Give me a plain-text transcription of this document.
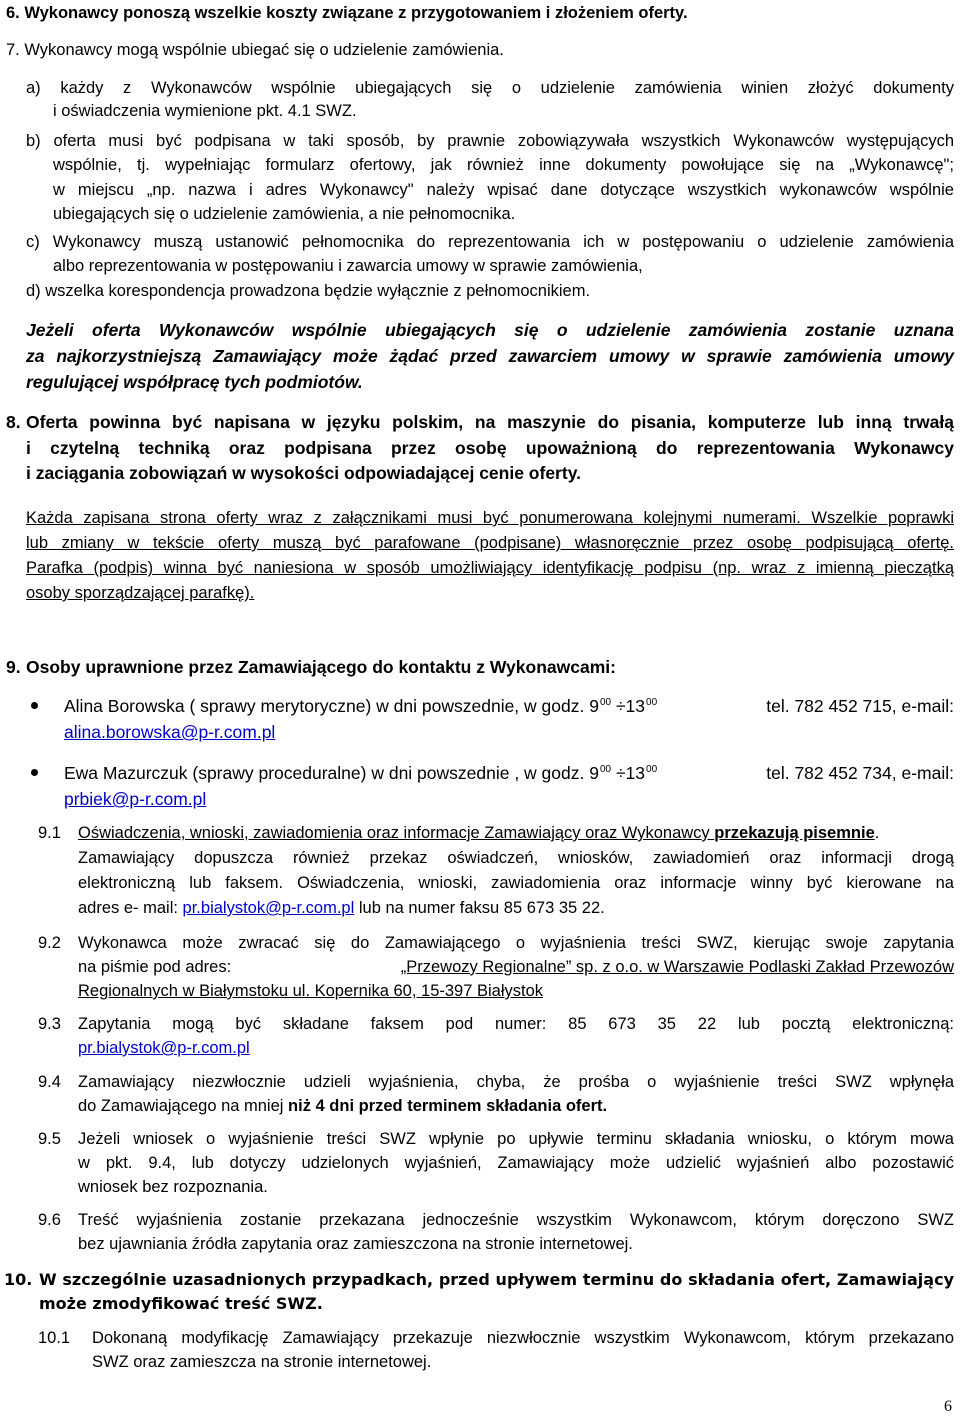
6. Wykonawcy ponoszą wszelkie koszty związane z przygotowaniem i złożeniem oferty.
7. Wykonawcy mogą wspólnie ubiegać się o udzielenie zamówienia.
a) każdy z Wykonawców wspólnie ubiegających się o udzielenie zamówienia winien złożyć dokumenty
i oświadczenia wymienione pkt. 4.1 SWZ.
b) oferta musi być podpisana w taki sposób, by prawnie zobowiązywała wszystkich Wykonawców występujących
wspólnie, tj. wypełniając formularz ofertowy, jak również inne dokumenty powołujące się na „Wykonawcę";
w miejscu „np. nazwa i adres Wykonawcy" należy wpisać dane dotyczące wszystkich wykonawców wspólnie
ubiegających się o udzielenie zamówienia, a nie pełnomocnika.
c) Wykonawcy muszą ustanowić pełnomocnika do reprezentowania ich w postępowaniu o udzielenie zamówienia
albo reprezentowania w postępowaniu i zawarcia umowy w sprawie zamówienia,
d) wszelka korespondencja prowadzona będzie wyłącznie z pełnomocnikiem.
Jeżeli oferta Wykonawców wspólnie ubiegających się o udzielenie zamówienia zostanie uznana
za najkorzystniejszą Zamawiający może żądać przed zawarciem umowy w sprawie zamówienia umowy
regulującej współpracę tych podmiotów.
8. Oferta powinna być napisana w języku polskim, na maszynie do pisania, komputerze lub inną trwałą
i czytelną techniką oraz podpisana przez osobę upoważnioną do reprezentowania Wykonawcy
i zaciągania zobowiązań w wysokości odpowiadającej cenie oferty.
Każda zapisana strona oferty wraz z załącznikami musi być ponumerowana kolejnymi numerami. Wszelkie poprawki
lub zmiany w tekście oferty muszą być parafowane (podpisane) własnoręcznie przez osobę podpisującą ofertę.
Parafka (podpis) winna być naniesiona w sposób umożliwiający identyfikację podpisu (np. wraz z imienną pieczątką
osoby sporządzającej parafkę).
9. Osoby uprawnione przez Zamawiającego do kontaktu z Wykonawcami:
Alina Borowska ( sprawy merytoryczne) w dni powszednie, w godz. $9^{00} \div 13^{00}$	tel. 782 452 715, e-mail:
alina.borowska@p-r.com.pl
Ewa Mazurczuk (sprawy proceduralne) w dni powszednie , w godz. $9^{00} \div 13^{00}$	tel. 782 452 734, e-mail:
prbiek@p-r.com.pl
9.1 Oświadczenia, wnioski, zawiadomienia oraz informacje Zamawiający oraz Wykonawcy przekazują pisemnie.
Zamawiający dopuszcza również przekaz oświadczeń, wniosków, zawiadomień oraz informacji drogą
elektroniczną lub faksem. Oświadczenia, wnioski, zawiadomienia oraz informacje winny być kierowane na
adres e- mail: pr.bialystok@p-r.com.pl lub na numer faksu 85 673 35 22.
9.2 Wykonawca może zwracać się do Zamawiającego o wyjaśnienia treści SWZ, kierując swoje zapytania
na piśmie pod adres:	„Przewozy Regionalne” sp. z o.o. w Warszawie Podlaski Zakład Przewozów
Regionalnych w Białymstoku ul. Kopernika 60, 15-397 Białystok
9.3 Zapytania mogą być składane faksem pod numer: 85 673 35 22 lub pocztą elektroniczną:
pr.bialystok@p-r.com.pl
9.4 Zamawiający niezwłocznie udzieli wyjaśnienia, chyba, że prośba o wyjaśnienie treści SWZ wpłynęła
do Zamawiającego na mniej niż 4 dni przed terminem składania ofert.
9.5 Jeżeli wniosek o wyjaśnienie treści SWZ wpłynie po upływie terminu składania wniosku, o którym mowa
w pkt. 9.4, lub dotyczy udzielonych wyjaśnień, Zamawiający może udzielić wyjaśnień albo pozostawić
wniosek bez rozpoznania.
9.6 Treść wyjaśnienia zostanie przekazana jednocześnie wszystkim Wykonawcom, którym doręczono SWZ
bez ujawniania źródła zapytania oraz zamieszczona na stronie internetowej.
10. W szczególnie uzasadnionych przypadkach, przed upływem terminu do składania ofert, Zamawiający
może zmodyfikować treść SWZ.
10.1 Dokonaną modyfikację Zamawiający przekazuje niezwłocznie wszystkim Wykonawcom, którym przekazano
SWZ oraz zamieszcza na stronie internetowej.
6
